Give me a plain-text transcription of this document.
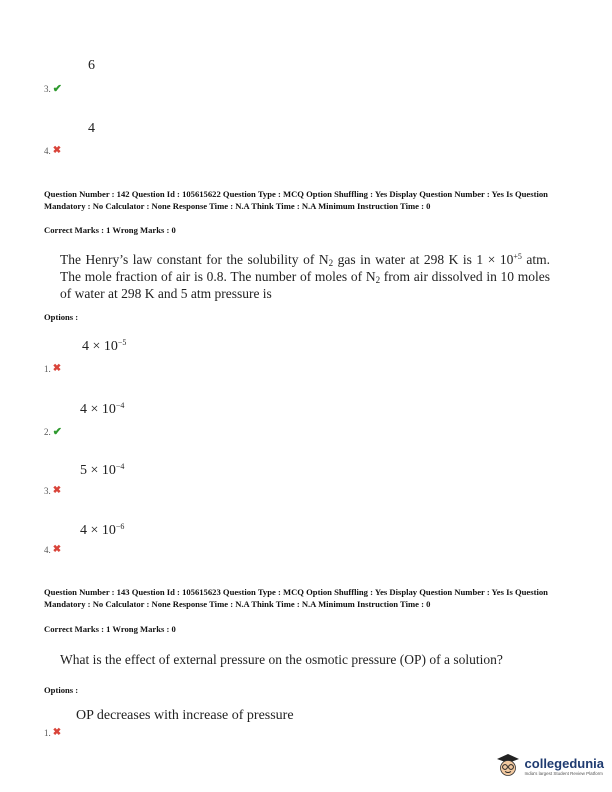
6
3. ✔
4
4. ✖
Question Number : 142 Question Id : 105615622 Question Type : MCQ Option Shuffling : Yes Display Question Number : Yes Is Question Mandatory : No Calculator : None Response Time : N.A Think Time : N.A Minimum Instruction Time : 0
Correct Marks : 1 Wrong Marks : 0
The Henry’s law constant for the solubility of $N_2$ gas in water at 298 K is $1 \times 10^{+5}$ atm. The mole fraction of air is 0.8. The number of moles of $N_2$ from air dissolved in 10 moles of water at 298 K and 5 atm pressure is
Options :
$4 \times 10^{-5}$
1. ✖
$4 \times 10^{-4}$
2. ✔
$5 \times 10^{-4}$
3. ✖
$4 \times 10^{-6}$
4. ✖
Question Number : 143 Question Id : 105615623 Question Type : MCQ Option Shuffling : Yes Display Question Number : Yes Is Question Mandatory : No Calculator : None Response Time : N.A Think Time : N.A Minimum Instruction Time : 0
Correct Marks : 1 Wrong Marks : 0
What is the effect of external pressure on the osmotic pressure (OP) of a solution?
Options :
OP decreases with increase of pressure
1. ✖
collegedunia
India's largest Student Review Platform
